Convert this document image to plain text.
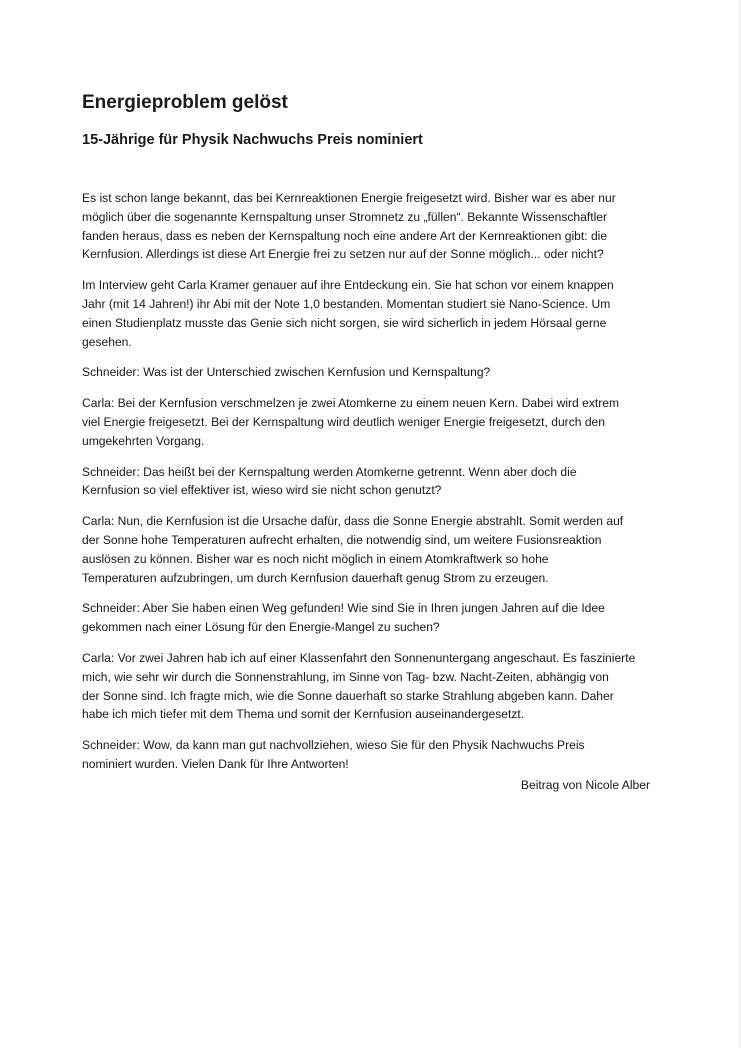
Energieproblem gelöst
15-Jährige für Physik Nachwuchs Preis nominiert

Es ist schon lange bekannt, das bei Kernreaktionen Energie freigesetzt wird. Bisher war es aber nur
möglich über die sogenannte Kernspaltung unser Stromnetz zu „füllen“. Bekannte Wissenschaftler
fanden heraus, dass es neben der Kernspaltung noch eine andere Art der Kernreaktionen gibt: die
Kernfusion. Allerdings ist diese Art Energie frei zu setzen nur auf der Sonne möglich... oder nicht?

Im Interview geht Carla Kramer genauer auf ihre Entdeckung ein. Sie hat schon vor einem knappen
Jahr (mit 14 Jahren!) ihr Abi mit der Note 1,0 bestanden. Momentan studiert sie Nano-Science. Um
einen Studienplatz musste das Genie sich nicht sorgen, sie wird sicherlich in jedem Hörsaal gerne
gesehen.

Schneider: Was ist der Unterschied zwischen Kernfusion und Kernspaltung?

Carla: Bei der Kernfusion verschmelzen je zwei Atomkerne zu einem neuen Kern. Dabei wird extrem
viel Energie freigesetzt. Bei der Kernspaltung wird deutlich weniger Energie freigesetzt, durch den
umgekehrten Vorgang.

Schneider: Das heißt bei der Kernspaltung werden Atomkerne getrennt. Wenn aber doch die
Kernfusion so viel effektiver ist, wieso wird sie nicht schon genutzt?

Carla: Nun, die Kernfusion ist die Ursache dafür, dass die Sonne Energie abstrahlt. Somit werden auf
der Sonne hohe Temperaturen aufrecht erhalten, die notwendig sind, um weitere Fusionsreaktion
auslösen zu können. Bisher war es noch nicht möglich in einem Atomkraftwerk so hohe
Temperaturen aufzubringen, um durch Kernfusion dauerhaft genug Strom zu erzeugen.

Schneider: Aber Sie haben einen Weg gefunden! Wie sind Sie in Ihren jungen Jahren auf die Idee
gekommen nach einer Lösung für den Energie-Mangel zu suchen?

Carla: Vor zwei Jahren hab ich auf einer Klassenfahrt den Sonnenuntergang angeschaut. Es faszinierte
mich, wie sehr wir durch die Sonnenstrahlung, im Sinne von Tag- bzw. Nacht-Zeiten, abhängig von
der Sonne sind. Ich fragte mich, wie die Sonne dauerhaft so starke Strahlung abgeben kann. Daher
habe ich mich tiefer mit dem Thema und somit der Kernfusion auseinandergesetzt.

Schneider: Wow, da kann man gut nachvollziehen, wieso Sie für den Physik Nachwuchs Preis
nominiert wurden. Vielen Dank für Ihre Antworten!

Beitrag von Nicole Alber
